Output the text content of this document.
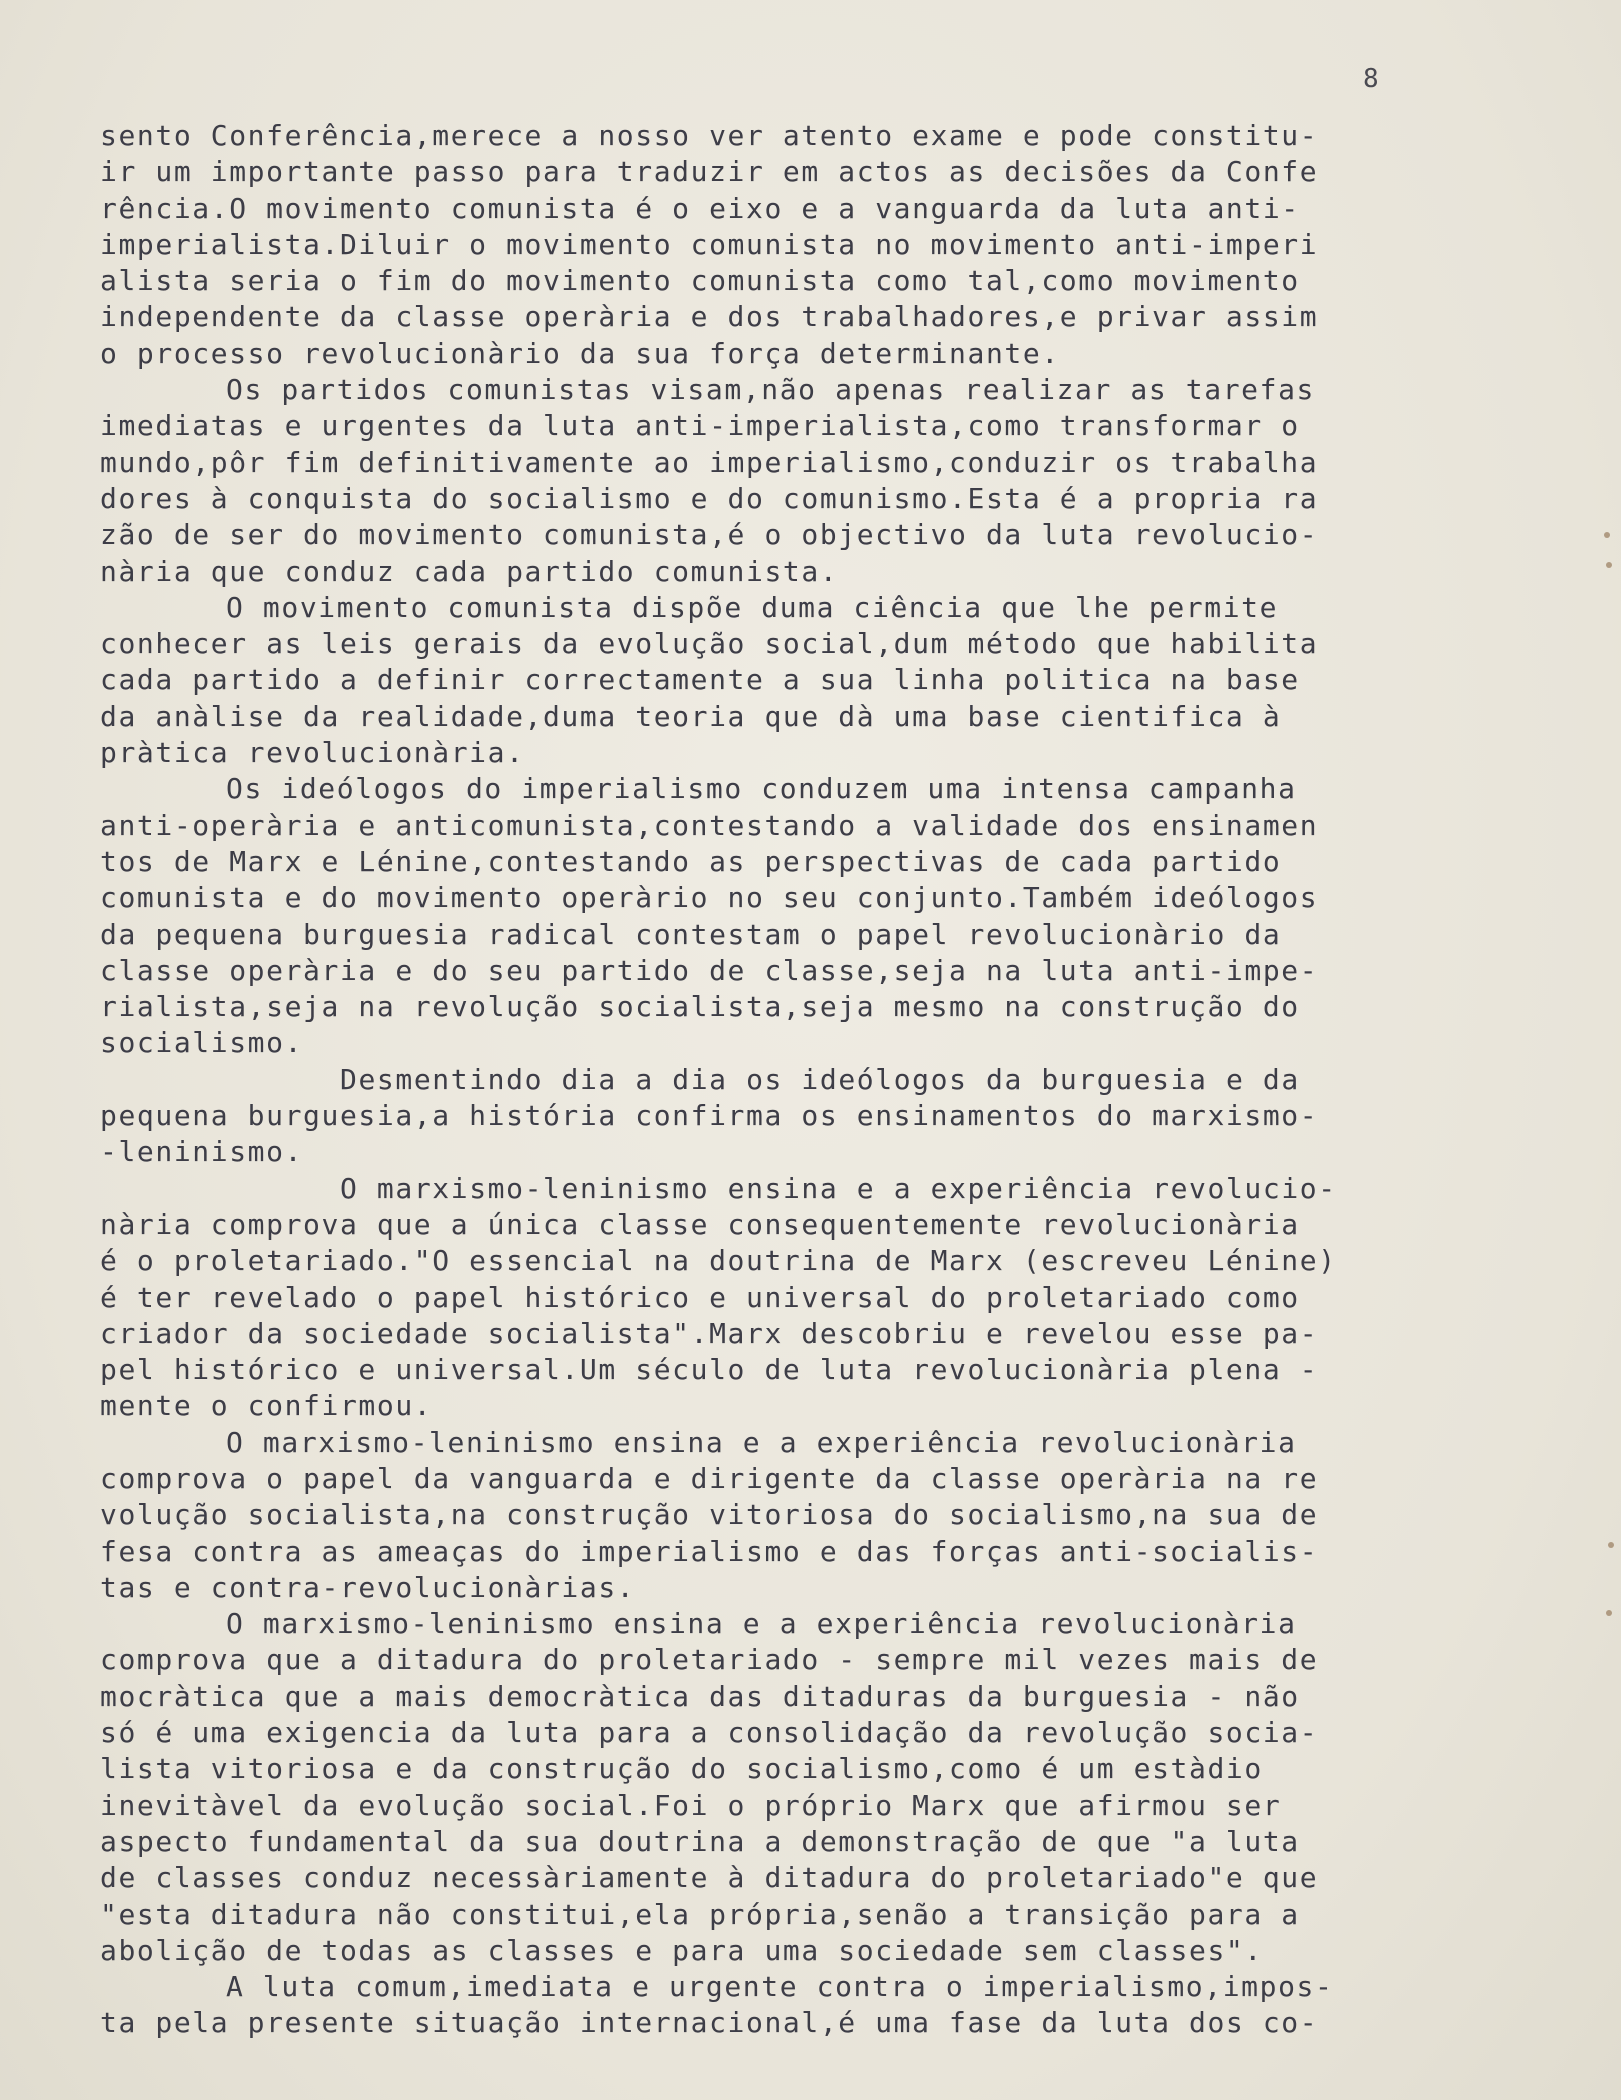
8
sento Conferência,merece a nosso ver atento exame e pode constitu-
ir um importante passo para traduzir em actos as decisões da Confe
rência.O movimento comunista é o eixo e a vanguarda da luta anti-
imperialista.Diluir o movimento comunista no movimento anti-imperi
alista seria o fim do movimento comunista como tal,como movimento
independente da classe operària e dos trabalhadores,e privar assim
o processo revolucionàrio da sua força determinante.
Os partidos comunistas visam,não apenas realizar as tarefas
imediatas e urgentes da luta anti-imperialista,como transformar o
mundo,pôr fim definitivamente ao imperialismo,conduzir os trabalha
dores à conquista do socialismo e do comunismo.Esta é a propria ra
zão de ser do movimento comunista,é o objectivo da luta revolucio-
nària que conduz cada partido comunista.
O movimento comunista dispõe duma ciência que lhe permite
conhecer as leis gerais da evolução social,dum método que habilita
cada partido a definir correctamente a sua linha politica na base
da anàlise da realidade,duma teoria que dà uma base cientifica à
pràtica revolucionària.
Os ideólogos do imperialismo conduzem uma intensa campanha
anti-operària e anticomunista,contestando a validade dos ensinamen
tos de Marx e Lénine,contestando as perspectivas de cada partido
comunista e do movimento operàrio no seu conjunto.Também ideólogos
da pequena burguesia radical contestam o papel revolucionàrio da
classe operària e do seu partido de classe,seja na luta anti-impe-
rialista,seja na revolução socialista,seja mesmo na construção do
socialismo.
Desmentindo dia a dia os ideólogos da burguesia e da
pequena burguesia,a história confirma os ensinamentos do marxismo-
-leninismo.
O marxismo-leninismo ensina e a experiência revolucio-
nària comprova que a única classe consequentemente revolucionària
é o proletariado."O essencial na doutrina de Marx (escreveu Lénine)
é ter revelado o papel histórico e universal do proletariado como
criador da sociedade socialista".Marx descobriu e revelou esse pa-
pel histórico e universal.Um século de luta revolucionària plena -
mente o confirmou.
O marxismo-leninismo ensina e a experiência revolucionària
comprova o papel da vanguarda e dirigente da classe operària na re
volução socialista,na construção vitoriosa do socialismo,na sua de
fesa contra as ameaças do imperialismo e das forças anti-socialis-
tas e contra-revolucionàrias.
O marxismo-leninismo ensina e a experiência revolucionària
comprova que a ditadura do proletariado - sempre mil vezes mais de
mocràtica que a mais democràtica das ditaduras da burguesia - não
só é uma exigencia da luta para a consolidação da revolução socia-
lista vitoriosa e da construção do socialismo,como é um estàdio
inevitàvel da evolução social.Foi o próprio Marx que afirmou ser
aspecto fundamental da sua doutrina a demonstração de que "a luta
de classes conduz necessàriamente à ditadura do proletariado"e que
"esta ditadura não constitui,ela própria,senão a transição para a
abolição de todas as classes e para uma sociedade sem classes".
A luta comum,imediata e urgente contra o imperialismo,impos-
ta pela presente situação internacional,é uma fase da luta dos co-
